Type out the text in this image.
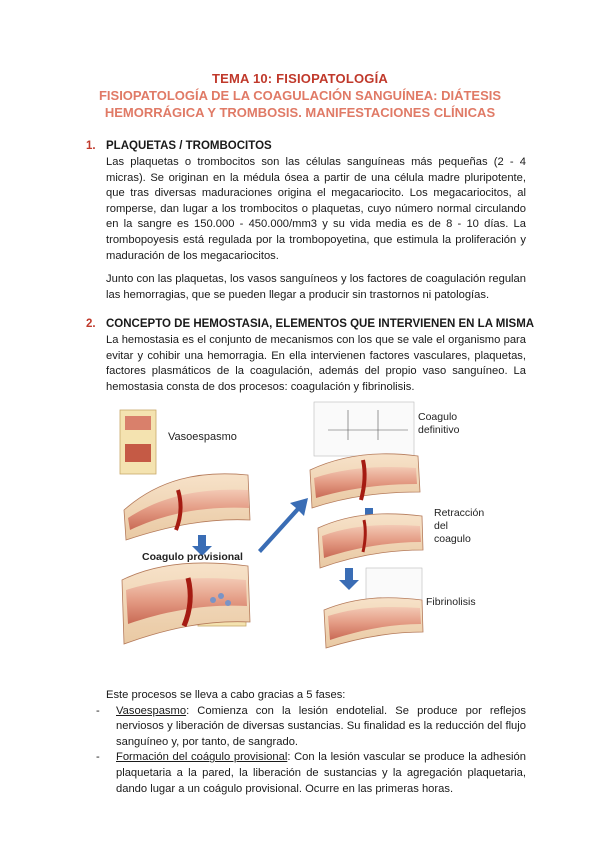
TEMA 10: FISIOPATOLOGÍA
FISIOPATOLOGÍA DE LA COAGULACIÓN SANGUÍNEA: DIÁTESIS
HEMORRÁGICA Y TROMBOSIS. MANIFESTACIONES CLÍNICAS
1. PLAQUETAS / TROMBOCITOS

Las plaquetas o trombocitos son las células sanguíneas más pequeñas (2 - 4 micras). Se originan en la médula ósea a partir de una célula madre pluripotente, que tras diversas maduraciones origina el megacariocito. Los megacariocitos, al romperse, dan lugar a los trombocitos o plaquetas, cuyo número normal circulando en la sangre es 150.000 - 450.000/mm3 y su vida media es de 8 - 10 días. La trombopoyesis está regulada por la trombopoyetina, que estimula la proliferación y maduración de los megacariocitos.

Junto con las plaquetas, los vasos sanguíneos y los factores de coagulación regulan las hemorragias, que se pueden llegar a producir sin trastornos ni patologías.

2. CONCEPTO DE HEMOSTASIA, ELEMENTOS QUE INTERVIENEN EN LA MISMA

La hemostasia es el conjunto de mecanismos con los que se vale el organismo para evitar y cohibir una hemorragia. En ella intervienen factores vasculares, plaquetas, factores plasmáticos de la coagulación, además del propio vaso sanguíneo. La hemostasia consta de dos procesos: coagulación y fibrinolisis.

Vasoespasmo
Coagulo provisional
Coagulo
definitivo
Retracción
del
coagulo
Fibrinolisis
Este procesos se lleva a cabo gracias a 5 fases:
-	Vasoespasmo: Comienza con la lesión endotelial. Se produce por reflejos nerviosos y liberación de diversas sustancias. Su finalidad es la reducción del flujo sanguíneo y, por tanto, de sangrado.
-	Formación del coágulo provisional: Con la lesión vascular se produce la adhesión plaquetaria a la pared, la liberación de sustancias y la agregación plaquetaria, dando lugar a un coágulo provisional. Ocurre en las primeras horas.
